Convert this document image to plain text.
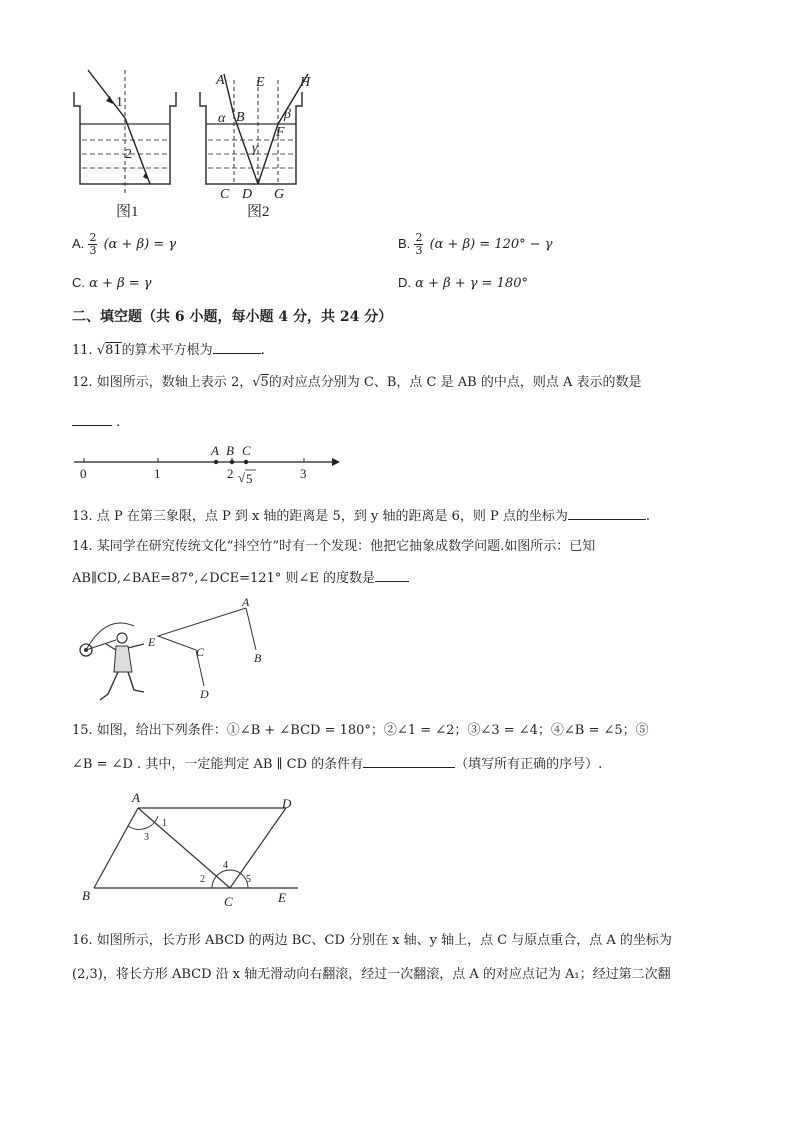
1
2
图1
A E	H
α B	β
F
γ
C D G
图2
A. $\frac{2}{3} (\alpha + \beta) = \gamma$	B. $\frac{2}{3} (\alpha + \beta) = 120^\circ - \gamma$
C. α + β = γ	D. α + β + γ = 180°
二、填空题（共 6 小题，每小题 4 分，共 24 分）
11. √81的算术平方根为	.
12. 如图所示，数轴上表示 2，√5的对应点分别为 C、B，点 C 是 AB 的中点，则点 A 表示的数是
.
0	1	2	3
A B C
√ 5
13. 点 P 在第三象限，点 P 到 x 轴的距离是 5，到 y 轴的距离是 6，则 P 点的坐标为	.
14. 某同学在研究传统文化“抖空竹”时有一个发现：他把它抽象成数学问题.如图所示：已知
AB∥CD,∠BAE=87°,∠DCE=121° 则∠E 的度数是
A
B
E
C
D
15. 如图，给出下列条件：①∠B + ∠BCD = 180°；②∠1 = ∠2；③∠3 = ∠4；④∠B = ∠5；⑤
∠B = ∠D . 其中，一定能判定 AB ∥ CD 的条件有	（填写所有正确的序号）.
A	D
B	C	E
1
2
3
4
5
16. 如图所示，长方形 ABCD 的两边 BC、CD 分别在 x 轴、y 轴上，点 C 与原点重合，点 A 的坐标为
(2,3)，将长方形 ABCD 沿 x 轴无滑动向右翻滚，经过一次翻滚，点 A 的对应点记为 A₁；经过第二次翻
